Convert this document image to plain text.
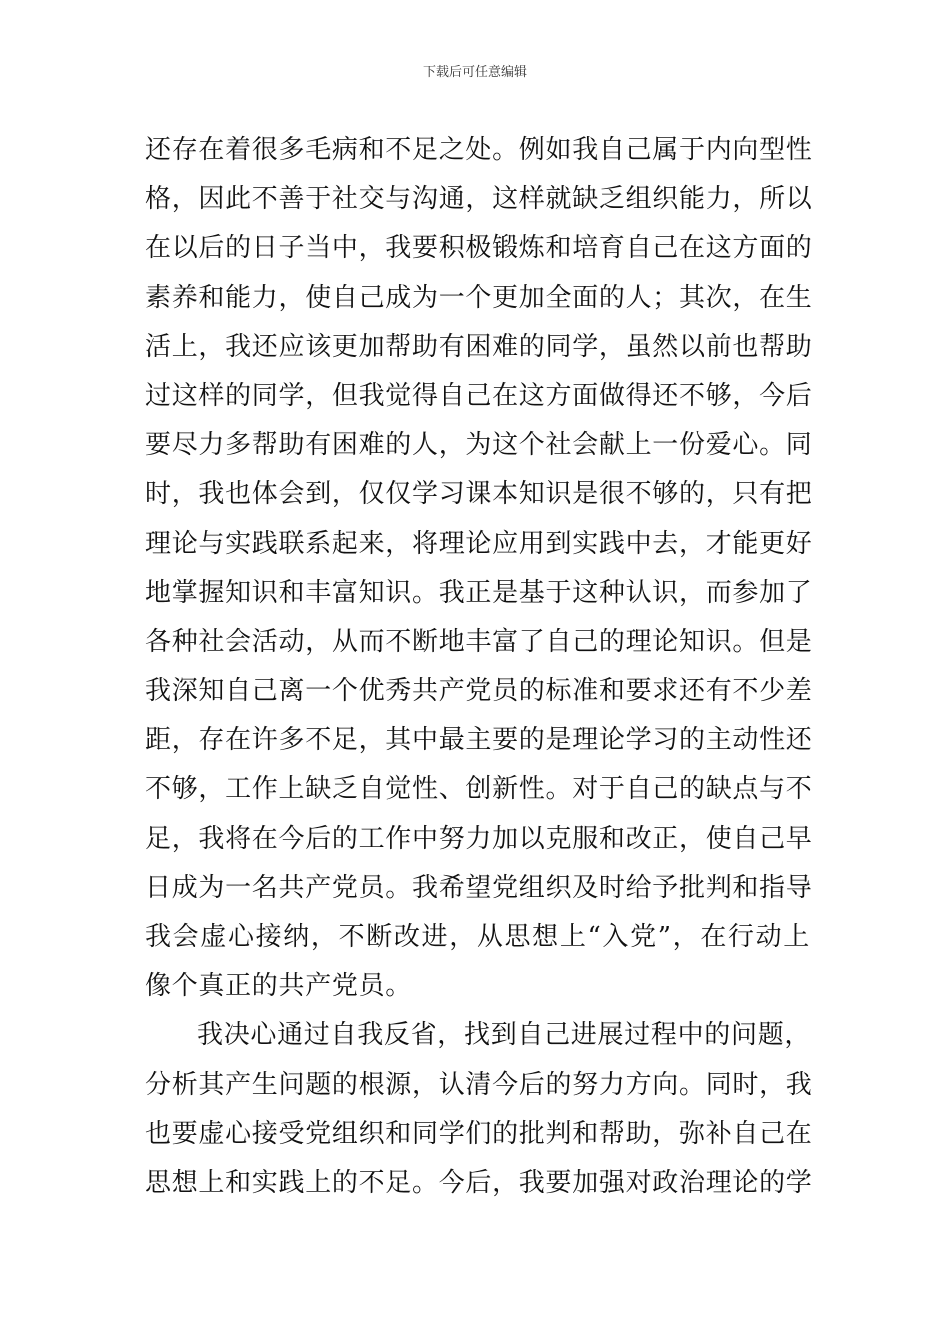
下载后可任意编辑
还存在着很多毛病和不足之处。例如我自己属于内向型性
格，因此不善于社交与沟通，这样就缺乏组织能力，所以
在以后的日子当中，我要积极锻炼和培育自己在这方面的
素养和能力，使自己成为一个更加全面的人；其次，在生
活上，我还应该更加帮助有困难的同学，虽然以前也帮助
过这样的同学，但我觉得自己在这方面做得还不够，今后
要尽力多帮助有困难的人，为这个社会献上一份爱心。同
时，我也体会到，仅仅学习课本知识是很不够的，只有把
理论与实践联系起来，将理论应用到实践中去，才能更好
地掌握知识和丰富知识。我正是基于这种认识，而参加了
各种社会活动，从而不断地丰富了自己的理论知识。但是
我深知自己离一个优秀共产党员的标准和要求还有不少差
距，存在许多不足，其中最主要的是理论学习的主动性还
不够，工作上缺乏自觉性、创新性。对于自己的缺点与不
足，我将在今后的工作中努力加以克服和改正，使自己早
日成为一名共产党员。我希望党组织及时给予批判和指导
我会虚心接纳，不断改进，从思想上“入党”，在行动上
像个真正的共产党员。
我决心通过自我反省，找到自己进展过程中的问题，
分析其产生问题的根源，认清今后的努力方向。同时，我
也要虚心接受党组织和同学们的批判和帮助，弥补自己在
思想上和实践上的不足。今后，我要加强对政治理论的学
